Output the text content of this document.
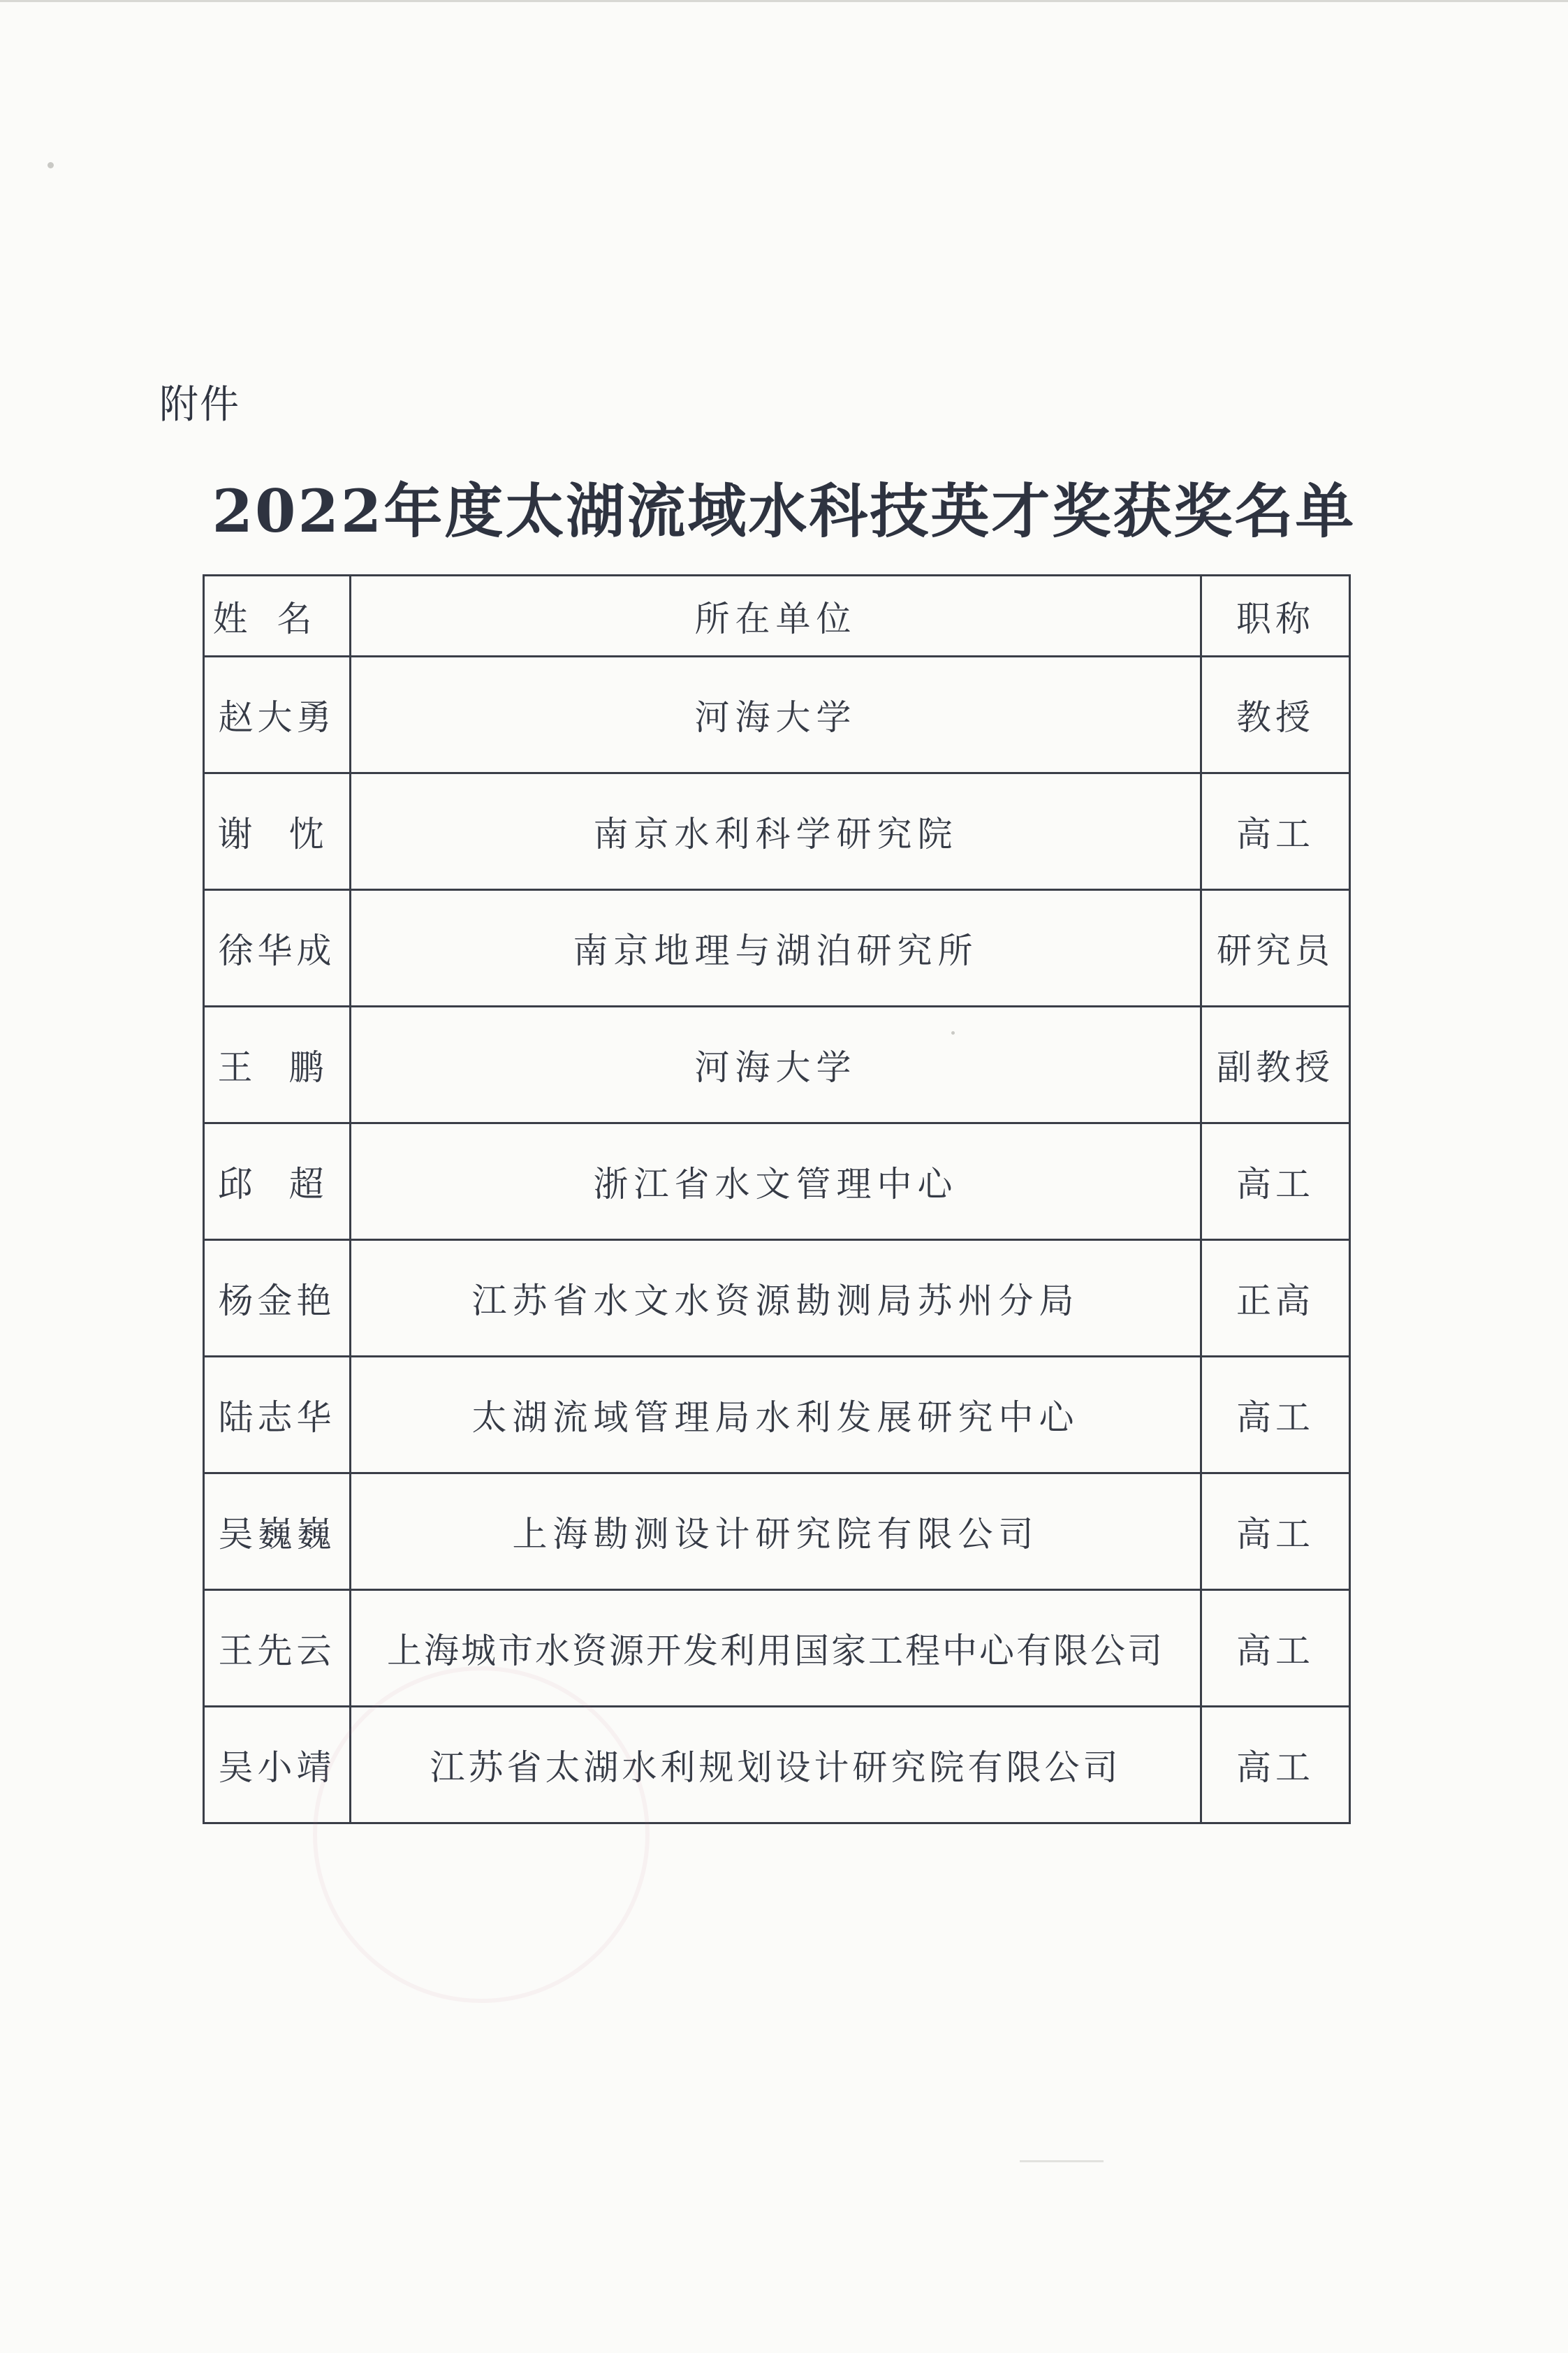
附件
2022年度太湖流域水科技英才奖获奖名单
姓名	所在单位	职称
赵大勇	河海大学	教授
谢 忱	南京水利科学研究院	高工
徐华成	南京地理与湖泊研究所	研究员
王 鹏	河海大学	副教授
邱 超	浙江省水文管理中心	高工
杨金艳	江苏省水文水资源勘测局苏州分局	正高
陆志华	太湖流域管理局水利发展研究中心	高工
吴巍巍	上海勘测设计研究院有限公司	高工
王先云	上海城市水资源开发利用国家工程中心有限公司	高工
吴小靖	江苏省太湖水利规划设计研究院有限公司	高工
